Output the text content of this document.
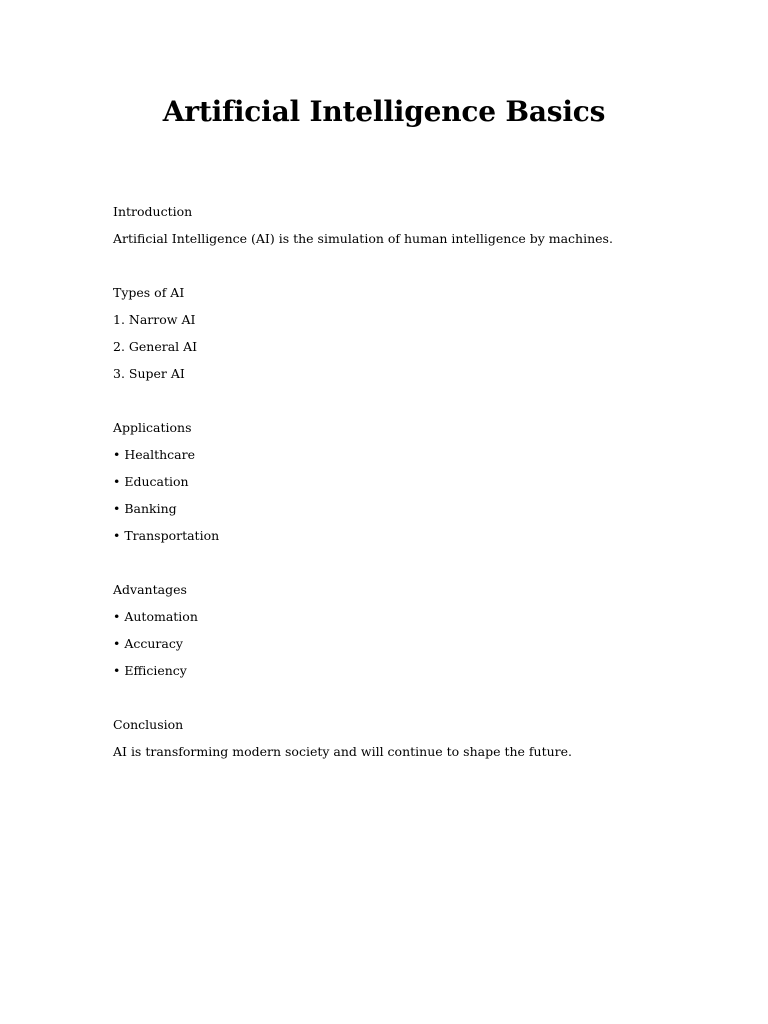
Artificial Intelligence Basics

Introduction

Artificial Intelligence (AI) is the simulation of human intelligence by machines.

Types of AI

1. Narrow AI

2. General AI

3. Super AI

Applications

• Healthcare

• Education

• Banking

• Transportation

Advantages

• Automation

• Accuracy

• Efficiency

Conclusion

AI is transforming modern society and will continue to shape the future.
